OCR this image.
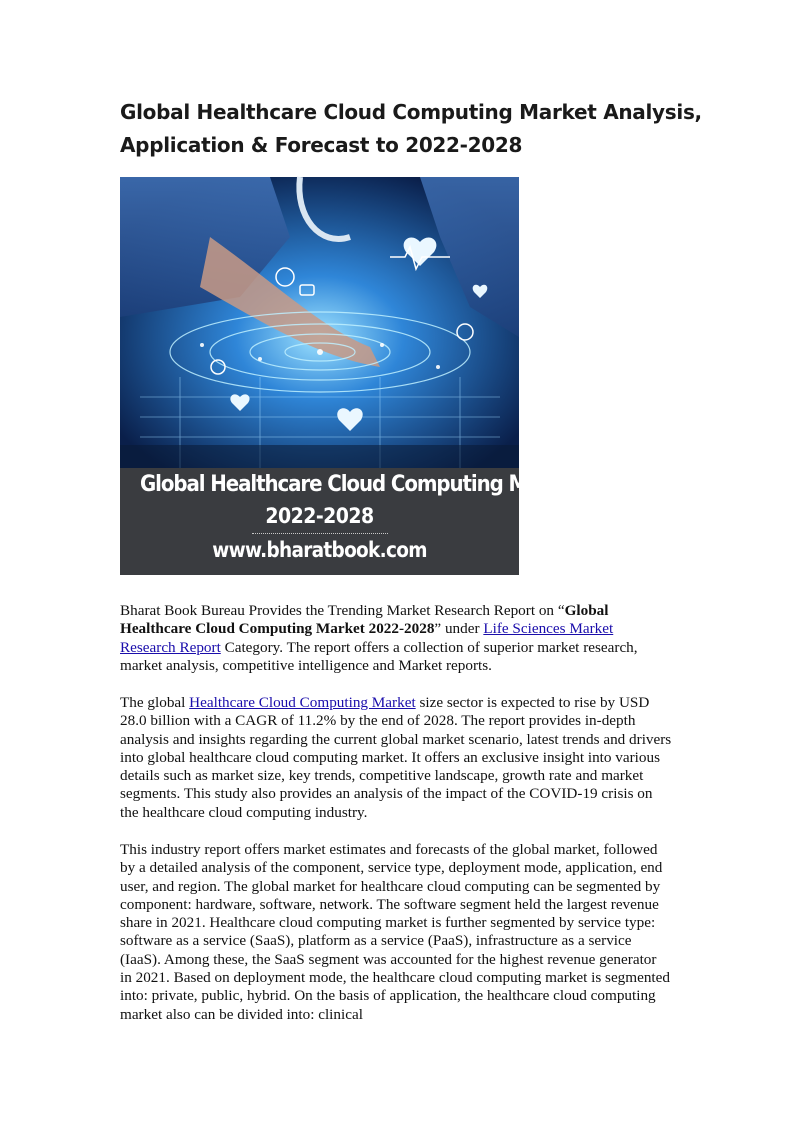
Global Healthcare Cloud Computing Market Analysis, Application & Forecast to 2022-2028
Global Healthcare Cloud Computing Market
2022-2028
www.bharatbook.com

Bharat Book Bureau Provides the Trending Market Research Report on “Global Healthcare Cloud Computing Market 2022-2028” under Life Sciences Market Research Report Category. The report offers a collection of superior market research, market analysis, competitive intelligence and Market reports.

The global Healthcare Cloud Computing Market size sector is expected to rise by USD 28.0 billion with a CAGR of 11.2% by the end of 2028. The report provides in-depth analysis and insights regarding the current global market scenario, latest trends and drivers into global healthcare cloud computing market. It offers an exclusive insight into various details such as market size, key trends, competitive landscape, growth rate and market segments. This study also provides an analysis of the impact of the COVID-19 crisis on the healthcare cloud computing industry.

This industry report offers market estimates and forecasts of the global market, followed by a detailed analysis of the component, service type, deployment mode, application, end user, and region. The global market for healthcare cloud computing can be segmented by component: hardware, software, network. The software segment held the largest revenue share in 2021. Healthcare cloud computing market is further segmented by service type: software as a service (SaaS), platform as a service (PaaS), infrastructure as a service (IaaS). Among these, the SaaS segment was accounted for the highest revenue generator in 2021. Based on deployment mode, the healthcare cloud computing market is segmented into: private, public, hybrid. On the basis of application, the healthcare cloud computing market also can be divided into: clinical
